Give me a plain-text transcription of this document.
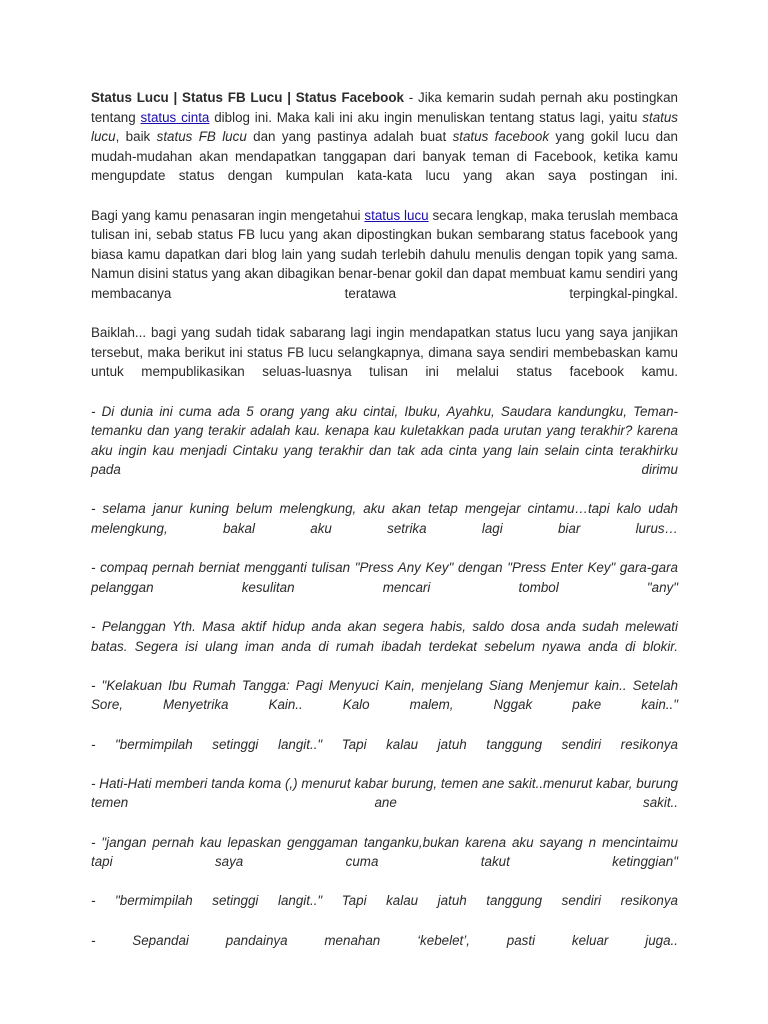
Status Lucu | Status FB Lucu | Status Facebook - Jika kemarin sudah pernah aku postingkan tentang status cinta diblog ini. Maka kali ini aku ingin menuliskan tentang status lagi, yaitu status lucu, baik status FB lucu dan yang pastinya adalah buat status facebook yang gokil lucu dan mudah-mudahan akan mendapatkan tanggapan dari banyak teman di Facebook, ketika kamu mengupdate status dengan kumpulan kata-kata lucu yang akan saya postingan ini.

Bagi yang kamu penasaran ingin mengetahui status lucu secara lengkap, maka teruslah membaca tulisan ini, sebab status FB lucu yang akan dipostingkan bukan sembarang status facebook yang biasa kamu dapatkan dari blog lain yang sudah terlebih dahulu menulis dengan topik yang sama. Namun disini status yang akan dibagikan benar-benar gokil dan dapat membuat kamu sendiri yang membacanya teratawa terpingkal-pingkal.

Baiklah... bagi yang sudah tidak sabarang lagi ingin mendapatkan status lucu yang saya janjikan tersebut, maka berikut ini status FB lucu selangkapnya, dimana saya sendiri membebaskan kamu untuk mempublikasikan seluas-luasnya tulisan ini melalui status facebook kamu.

- Di dunia ini cuma ada 5 orang yang aku cintai, Ibuku, Ayahku, Saudara kandungku, Teman-temanku dan yang terakir adalah kau. kenapa kau kuletakkan pada urutan yang terakhir? karena aku ingin kau menjadi Cintaku yang terakhir dan tak ada cinta yang lain selain cinta terakhirku pada dirimu

- selama janur kuning belum melengkung, aku akan tetap mengejar cintamu…tapi kalo udah melengkung, bakal aku setrika lagi biar lurus…

- compaq pernah berniat mengganti tulisan "Press Any Key" dengan "Press Enter Key" gara-gara pelanggan kesulitan mencari tombol "any"

- Pelanggan Yth. Masa aktif hidup anda akan segera habis, saldo dosa anda sudah melewati batas. Segera isi ulang iman anda di rumah ibadah terdekat sebelum nyawa anda di blokir.

- "Kelakuan Ibu Rumah Tangga: Pagi Menyuci Kain, menjelang Siang Menjemur kain.. Setelah Sore, Menyetrika Kain.. Kalo malem, Nggak pake kain.."

- "bermimpilah setinggi langit.." Tapi kalau jatuh tanggung sendiri resikonya

- Hati-Hati memberi tanda koma (,) menurut kabar burung, temen ane sakit..menurut kabar, burung temen ane sakit..

- "jangan pernah kau lepaskan genggaman tanganku,bukan karena aku sayang n mencintaimu tapi saya cuma takut ketinggian"

- "bermimpilah setinggi langit.." Tapi kalau jatuh tanggung sendiri resikonya

- Sepandai pandainya menahan ‘kebelet’, pasti keluar juga..
